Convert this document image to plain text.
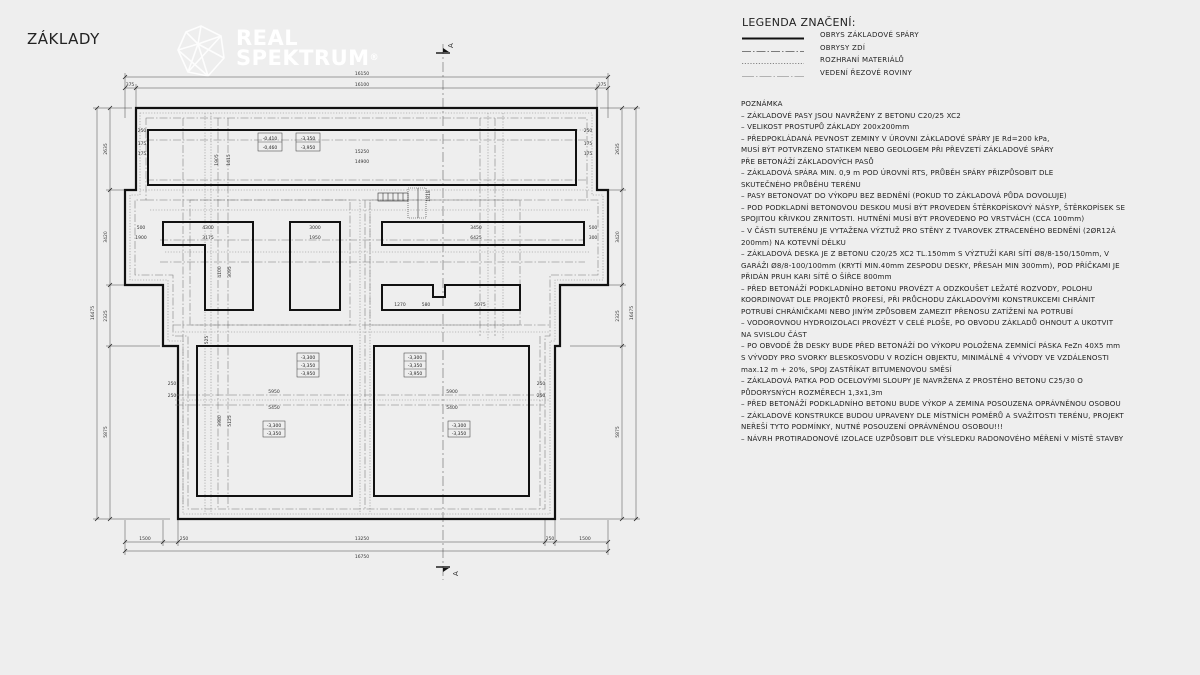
ZÁKLADY	REAL
SPEKTRUM®
A
A
16150
16100
375	375
1500	250	13250	250	1500
16750
16475
2635
3420
2325
5875
16475
2635
3420
2325
5875
15250
14900
4300
3175
3000
1950
3450
6425
1270	580	5075
4100 3095
1905 1415
5950
5450
5900
5400
3980 5125
250
175
175
250
175
175
500
1900
500
300
250
250
250
250
525
1818
-0,410
-0,460
-3,350
-3,950
-3,300
-3,350
-3,950
-3,300
-3,350
-3,950
-3,300
-3,350
-3,300
-3,350
LEGENDA ZNAČENÍ:
OBRYS ZÁKLADOVÉ SPÁRY
OBRYSY ZDÍ
ROZHRANÍ MATERIÁLŮ
VEDENÍ ŘEZOVÉ ROVINY
POZNÁMKA
– ZÁKLADOVÉ PASY JSOU NAVRŽENY Z BETONU C20/25 XC2
– VELIKOST PROSTUPŮ ZÁKLADY 200x200mm
– PŘEDPOKLÁDANÁ PEVNOST ZEMINY V ÚROVNI ZÁKLADOVÉ SPÁRY JE Rd=200 kPa,
MUSÍ BÝT POTVRZENO STATIKEM NEBO GEOLOGEM PŘI PŘEVZETÍ ZÁKLADOVÉ SPÁRY
PŘE BETONÁŽÍ ZÁKLADOVÝCH PASŮ
– ZÁKLADOVÁ SPÁRA MIN. 0,9 m POD ÚROVNÍ RTS, PRŮBĚH SPÁRY PŘIZPŮSOBIT DLE
SKUTEČNÉHO PRŮBĚHU TERÉNU
– PASY BETONOVAT DO VÝKOPU BEZ BEDNĚNÍ (POKUD TO ZÁKLADOVÁ PŮDA DOVOLUJE)
– POD PODKLADNÍ BETONOVOU DESKOU MUSÍ BÝT PROVEDEN ŠTĚRKOPÍSKOVÝ NÁSYP, ŠTĚRKOPÍSEK SE
SPOJITOU KŘIVKOU ZRNITOSTI. HUTNĚNÍ MUSÍ BÝT PROVEDENO PO VRSTVÁCH (CCA 100mm)
– V ČÁSTI SUTERÉNU JE VYTAŽENA VÝZTUŽ PRO STĚNY Z TVAROVEK ZTRACENÉHO BEDNĚNÍ (2ØR12Á
200mm) NA KOTEVNÍ DÉLKU
– ZÁKLADOVÁ DESKA JE Z BETONU C20/25 XC2 TL.150mm S VÝZTUŽÍ KARI SÍTÍ Ø8/8-150/150mm, V
GARÁŽI Ø8/8-100/100mm (KRYTÍ MIN.40mm ZESPODU DESKY, PŘESAH MIN 300mm), POD PŘÍČKAMI JE
PŘIDÁN PRUH KARI SÍTĚ O ŠÍŘCE 800mm
– PŘED BETONÁŽÍ PODKLADNÍHO BETONU PROVÉZT A ODZKOUŠET LEŽATÉ ROZVODY, POLOHU
KOORDINOVAT DLE PROJEKTŮ PROFESÍ, PŘI PRŮCHODU ZÁKLADOVÝMI KONSTRUKCEMI CHRÁNIT
POTRUBÍ CHRÁNIČKAMI NEBO JINÝM ZPŮSOBEM ZAMEZIT PŘENOSU ZATÍŽENÍ NA POTRUBÍ
– VODOROVNOU HYDROIZOLACI PROVÉZT V CELÉ PLOŠE, PO OBVODU ZÁKLADŮ OHNOUT A UKOTVIT
NA SVISLOU ČÁST
– PO OBVODĚ ŽB DESKY BUDE PŘED BETONÁŽÍ DO VÝKOPU POLOŽENA ZEMNÍCÍ PÁSKA FeZn 40X5 mm
S VÝVODY PRO SVORKY BLESKOSVODU V ROZÍCH OBJEKTU, MINIMÁLNĚ 4 VÝVODY VE VZDÁLENOSTI
max.12 m + 20%, SPOJ ZASTŘÍKAT BITUMENOVOU SMĚSÍ
– ZÁKLADOVÁ PATKA POD OCELOVÝMI SLOUPY JE NAVRŽENA Z PROSTÉHO BETONU C25/30 O
PŮDORYSNÝCH ROZMĚRECH 1,3x1,3m
– PŘED BETONÁŽÍ PODKLADNÍHO BETONU BUDE VÝKOP A ZEMINA POSOUZENA OPRÁVNĚNOU OSOBOU
– ZÁKLADOVÉ KONSTRUKCE BUDOU UPRAVENY DLE MÍSTNÍCH POMĚRŮ A SVAŽITOSTI TERÉNU, PROJEKT
NEŘEŠÍ TYTO PODMÍNKY, NUTNÉ POSOUZENÍ OPRÁVNĚNOU OSOBOU!!!
– NÁVRH PROTIRADONOVÉ IZOLACE UZPŮSOBIT DLE VÝSLEDKU RADONOVÉHO MĚŘENÍ V MÍSTĚ STAVBY
